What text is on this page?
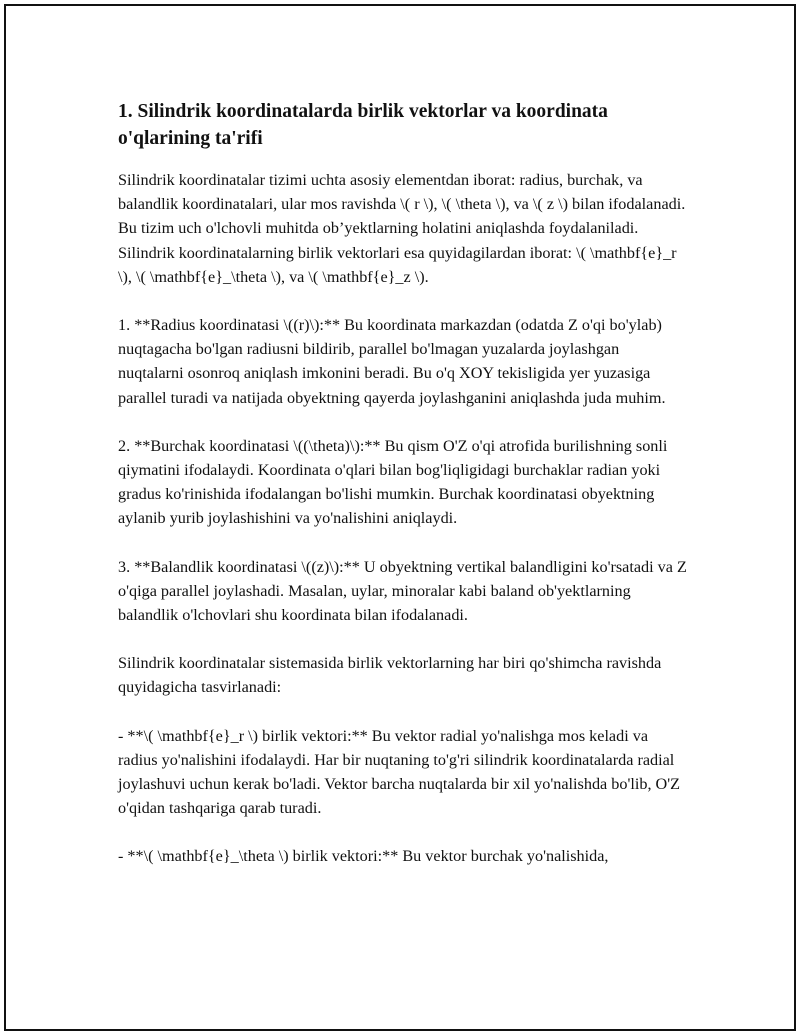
1. Silindrik koordinatalarda birlik vektorlar va koordinata o'qlarining ta'rifi

Silindrik koordinatalar tizimi uchta asosiy elementdan iborat: radius, burchak, va balandlik koordinatalari, ular mos ravishda \( r \), \( \theta \), va \( z \) bilan ifodalanadi. Bu tizim uch o'lchovli muhitda ob’yektlarning holatini aniqlashda foydalaniladi. Silindrik koordinatalarning birlik vektorlari esa quyidagilardan iborat: \( \mathbf{e}_r \), \( \mathbf{e}_\theta \), va \( \mathbf{e}_z \).

1. **Radius koordinatasi \((r)\):** Bu koordinata markazdan (odatda Z o'qi bo'ylab) nuqtagacha bo'lgan radiusni bildirib, parallel bo'lmagan yuzalarda joylashgan nuqtalarni osonroq aniqlash imkonini beradi. Bu o'q XOY tekisligida yer yuzasiga parallel turadi va natijada obyektning qayerda joylashganini aniqlashda juda muhim.

2. **Burchak koordinatasi \((\theta)\):** Bu qism O'Z o'qi atrofida burilishning sonli qiymatini ifodalaydi. Koordinata o'qlari bilan bog'liqligidagi burchaklar radian yoki gradus ko'rinishida ifodalangan bo'lishi mumkin. Burchak koordinatasi obyektning aylanib yurib joylashishini va yo'nalishini aniqlaydi.

3. **Balandlik koordinatasi \((z)\):** U obyektning vertikal balandligini ko'rsatadi va Z o'qiga parallel joylashadi. Masalan, uylar, minoralar kabi baland ob'yektlarning balandlik o'lchovlari shu koordinata bilan ifodalanadi.

Silindrik koordinatalar sistemasida birlik vektorlarning har biri qo'shimcha ravishda quyidagicha tasvirlanadi:

- **\( \mathbf{e}_r \) birlik vektori:** Bu vektor radial yo'nalishga mos keladi va radius yo'nalishini ifodalaydi. Har bir nuqtaning to'g'ri silindrik koordinatalarda radial joylashuvi uchun kerak bo'ladi. Vektor barcha nuqtalarda bir xil yo'nalishda bo'lib, O'Z o'qidan tashqariga qarab turadi.

- **\( \mathbf{e}_\theta \) birlik vektori:** Bu vektor burchak yo'nalishida,
